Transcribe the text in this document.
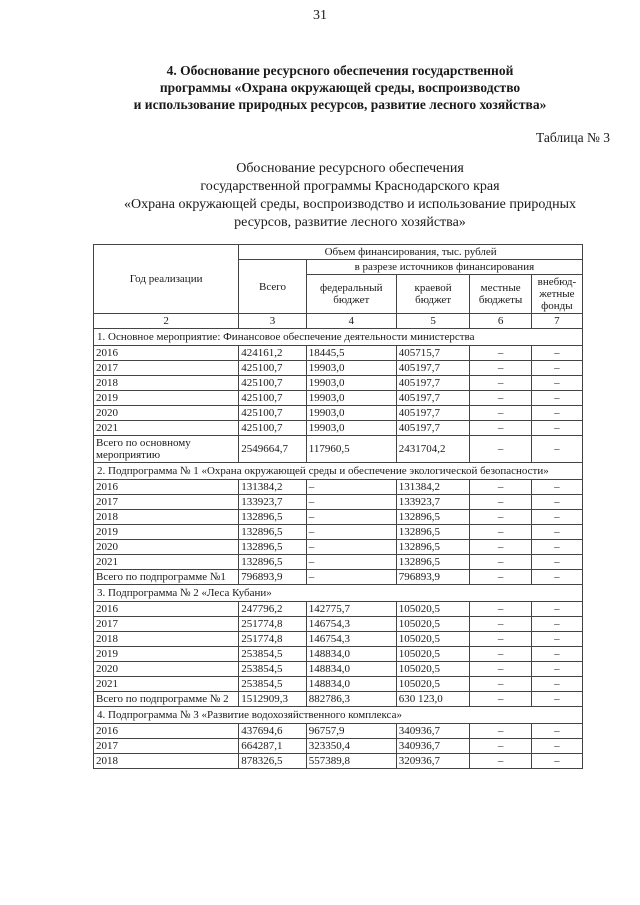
31
4. Обоснование ресурсного обеспечения государственной
программы «Охрана окружающей среды, воспроизводство
и использование природных ресурсов, развитие лесного хозяйства»
Таблица № 3
Обоснование ресурсного обеспечения
государственной программы Краснодарского края
«Охрана окружающей среды, воспроизводство и использование природных
ресурсов, развитие лесного хозяйства»
Год реализации	Объем финансирования, тыс. рублей				
	Всего	в разрезе источников финансирования			
		федеральный бюджет	краевой бюджет	местные бюджеты	внебюд-жетные фонды
2	3	4	5	6	7
1. Основное мероприятие: Финансовое обеспечение деятельности министерства					
2016	424161,2	18445,5	405715,7	–	–
2017	425100,7	19903,0	405197,7	–	–
2018	425100,7	19903,0	405197,7	–	–
2019	425100,7	19903,0	405197,7	–	–
2020	425100,7	19903,0	405197,7	–	–
2021	425100,7	19903,0	405197,7	–	–
Всего по основному мероприятию	2549664,7	117960,5	2431704,2	–	–
2. Подпрограмма № 1 «Охрана окружающей среды и обеспечение экологической безопасности»					
2016	131384,2	–	131384,2	–	–
2017	133923,7	–	133923,7	–	–
2018	132896,5	–	132896,5	–	–
2019	132896,5	–	132896,5	–	–
2020	132896,5	–	132896,5	–	–
2021	132896,5	–	132896,5	–	–
Всего по подпрограмме №1	796893,9	–	796893,9	–	–
3. Подпрограмма № 2 «Леса Кубани»					
2016	247796,2	142775,7	105020,5	–	–
2017	251774,8	146754,3	105020,5	–	–
2018	251774,8	146754,3	105020,5	–	–
2019	253854,5	148834,0	105020,5	–	–
2020	253854,5	148834,0	105020,5	–	–
2021	253854,5	148834,0	105020,5	–	–
Всего по подпрограмме № 2	1512909,3	882786,3	630 123,0	–	–
4. Подпрограмма № 3 «Развитие водохозяйственного комплекса»					
2016	437694,6	96757,9	340936,7	–	–
2017	664287,1	323350,4	340936,7	–	–
2018	878326,5	557389,8	320936,7	–	–
